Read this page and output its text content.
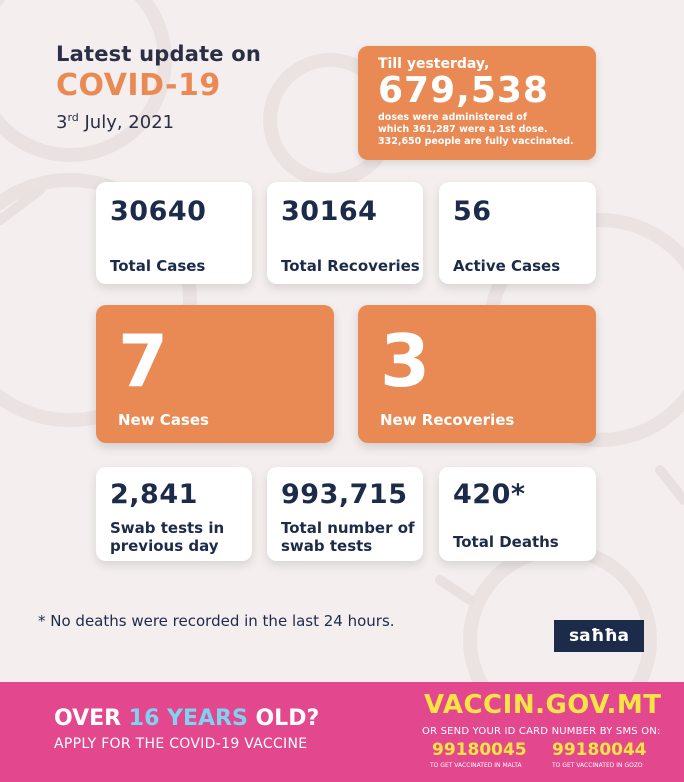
Latest update on
COVID-19
3rd July, 2021
Till yesterday,
679,538
doses were administered of
which 361,287 were a 1st dose.
332,650 people are fully vaccinated.
30640
Total Cases
30164
Total Recoveries
56
Active Cases
7
New Cases
3
New Recoveries
2,841
Swab tests in
previous day
993,715
Total number of
swab tests
420*
Total Deaths
* No deaths were recorded in the last 24 hours.
saħħa
OVER 16 YEARS OLD?
APPLY FOR THE COVID-19 VACCINE
VACCIN.GOV.MT
OR SEND YOUR ID CARD NUMBER BY SMS ON:
99180045
TO GET VACCINATED IN MALTA
99180044
TO GET VACCINATED IN GOZO
